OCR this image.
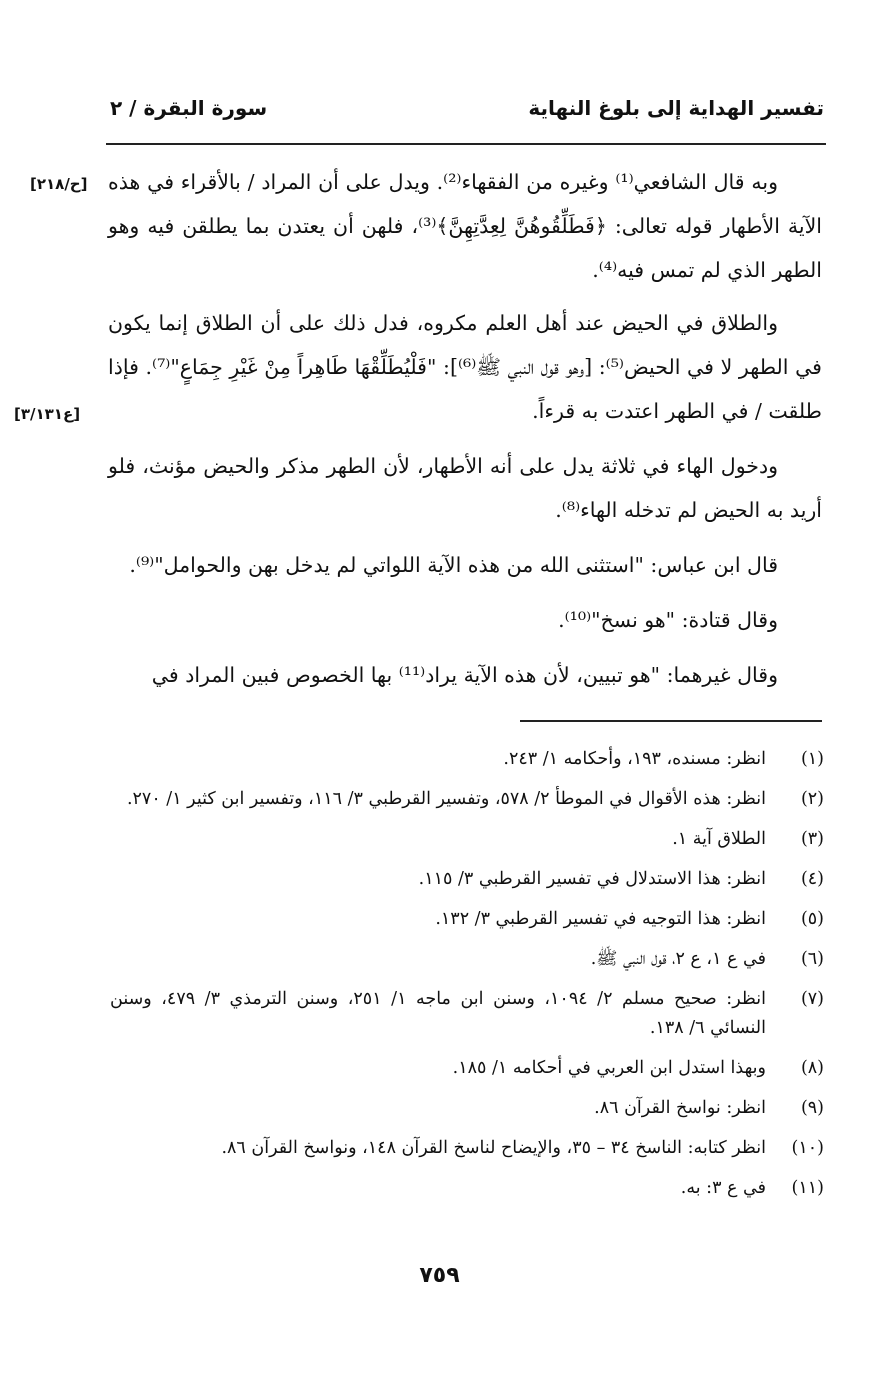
تفسير الهداية إلى بلوغ النهاية
سورة البقرة / ٢
[ح/٢١٨]
[ع٣/١٣١]

وبه قال الشافعي⁽¹⁾ وغيره من الفقهاء⁽²⁾. ويدل على أن المراد / بالأقراء في هذه الآية الأطهار قوله تعالى: ﴿فَطَلِّقُوهُنَّ لِعِدَّتِهِنَّ﴾⁽³⁾، فلهن أن يعتدن بما يطلقن فيه وهو الطهر الذي لم تمس فيه⁽⁴⁾.

والطلاق في الحيض عند أهل العلم مكروه، فدل ذلك على أن الطلاق إنما يكون في الطهر لا في الحيض⁽⁵⁾: [وهو قول النبي ﷺ⁽⁶⁾]: "فَلْيُطَلِّقْهَا طَاهِراً مِنْ غَيْرِ جِمَاعٍ"⁽⁷⁾. فإذا طلقت / في الطهر اعتدت به قرءاً.

ودخول الهاء في ثلاثة يدل على أنه الأطهار، لأن الطهر مذكر والحيض مؤنث، فلو أريد به الحيض لم تدخله الهاء⁽⁸⁾.

قال ابن عباس: "استثنى الله من هذه الآية اللواتي لم يدخل بهن والحوامل"⁽⁹⁾.

وقال قتادة: "هو نسخ"⁽¹⁰⁾.

وقال غيرهما: "هو تبيين، لأن هذه الآية يراد⁽¹¹⁾ بها الخصوص فبين المراد في

(١)
انظر: مسنده، ١٩٣، وأحكامه ١/ ٢٤٣.
(٢)
انظر: هذه الأقوال في الموطأ ٢/ ٥٧٨، وتفسير القرطبي ٣/ ١١٦، وتفسير ابن كثير ١/ ٢٧٠.
(٣)
الطلاق آية ١.
(٤)
انظر: هذا الاستدلال في تفسير القرطبي ٣/ ١١٥.
(٥)
انظر: هذا التوجيه في تفسير القرطبي ٣/ ١٣٢.
(٦)
في ع ١، ع ٢، قول النبي ﷺ.
(٧)
انظر: صحيح مسلم ٢/ ١٠٩٤، وسنن ابن ماجه ١/ ٢٥١، وسنن الترمذي ٣/ ٤٧٩، وسنن النسائي ٦/ ١٣٨.
(٨)
وبهذا استدل ابن العربي في أحكامه ١/ ١٨٥.
(٩)
انظر: نواسخ القرآن ٨٦.
(١٠)
انظر كتابه: الناسخ ٣٤ – ٣٥، والإيضاح لناسخ القرآن ١٤٨، ونواسخ القرآن ٨٦.
(١١)
في ع ٣: به.
٧٥٩
